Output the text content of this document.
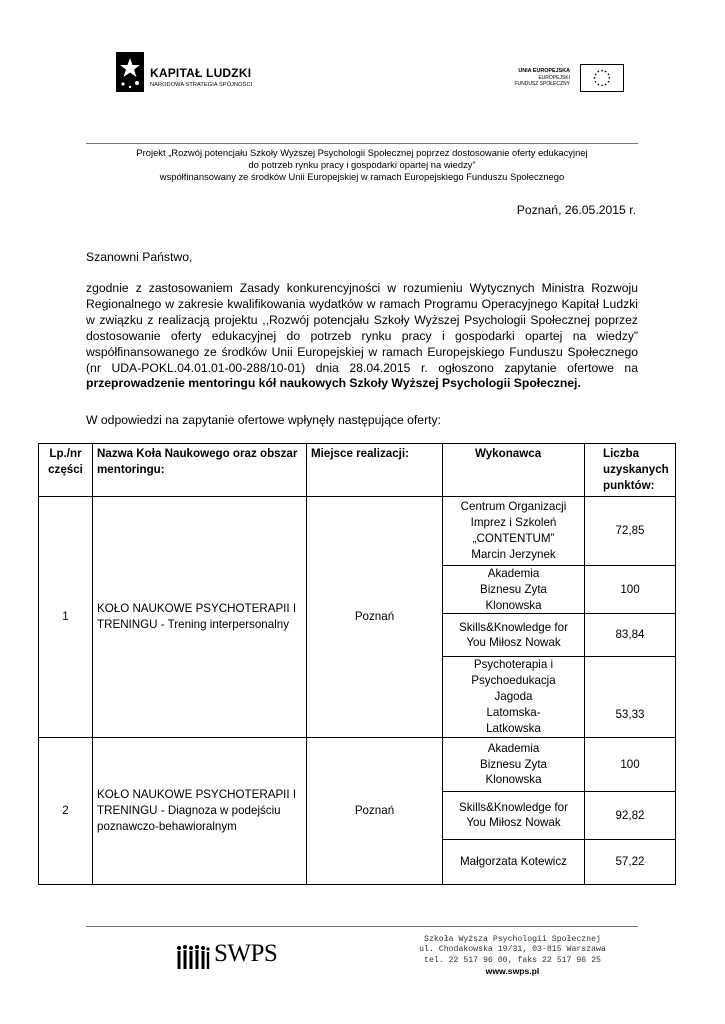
KAPITAŁ LUDZKI
NARODOWA STRATEGIA SPÓJNOŚCI
UNIA EUROPEJSKA
EUROPEJSKI
FUNDUSZ SPOŁECZNY
Projekt „Rozwój potencjału Szkoły Wyższej Psychologii Społecznej poprzez dostosowanie oferty edukacyjnej
do potrzeb rynku pracy i gospodarki opartej na wiedzy”
współfinansowany ze środków Unii Europejskiej w ramach Europejskiego Funduszu Społecznego
Poznań, 26.05.2015 r.
Szanowni Państwo,
zgodnie z zastosowaniem Zasady konkurencyjności w rozumieniu Wytycznych Ministra Rozwoju Regionalnego w zakresie kwalifikowania wydatków w ramach Programu Operacyjnego Kapitał Ludzki w związku z realizacją projektu ,,Rozwój potencjału Szkoły Wyższej Psychologii Społecznej poprzez dostosowanie oferty edukacyjnej do potrzeb rynku pracy i gospodarki opartej na wiedzy” współfinansowanego ze środków Unii Europejskiej w ramach Europejskiego Funduszu Społecznego (nr UDA-POKL.04.01.01-00-288/10-01) dnia 28.04.2015 r. ogłoszono zapytanie ofertowe na przeprowadzenie mentoringu kół naukowych Szkoły Wyższej Psychologii Społecznej.
W odpowiedzi na zapytanie ofertowe wpłynęły następujące oferty:
Lp./nr części	Nazwa Koła Naukowego oraz obszar mentoringu:	Miejsce realizacji:	Wykonawca	Liczba uzyskanych punktów:
1	KOŁO NAUKOWE PSYCHOTERAPII I TRENINGU - Trening interpersonalny	Poznań	Centrum Organizacji Imprez i Szkoleń „CONTENTUM” Marcin Jerzynek	72,85
			Akademia Biznesu Zyta Klonowska	100
			Skills&Knowledge for You Miłosz Nowak	83,84
			Psychoterapia i Psychoedukacja Jagoda Latomska-Latkowska	53,33
2	KOŁO NAUKOWE PSYCHOTERAPII I TRENINGU - Diagnoza w podejściu poznawczo-behawioralnym	Poznań	Akademia Biznesu Zyta Klonowska	100
			Skills&Knowledge for You Miłosz Nowak	92,82
			Małgorzata Kotewicz	57,22
SWPS
Szkoła Wyższa Psychologii Społecznej
ul. Chodakowska 19/31, 03-815 Warszawa
tel. 22 517 96 00, faks 22 517 96 25
www.swps.pl
